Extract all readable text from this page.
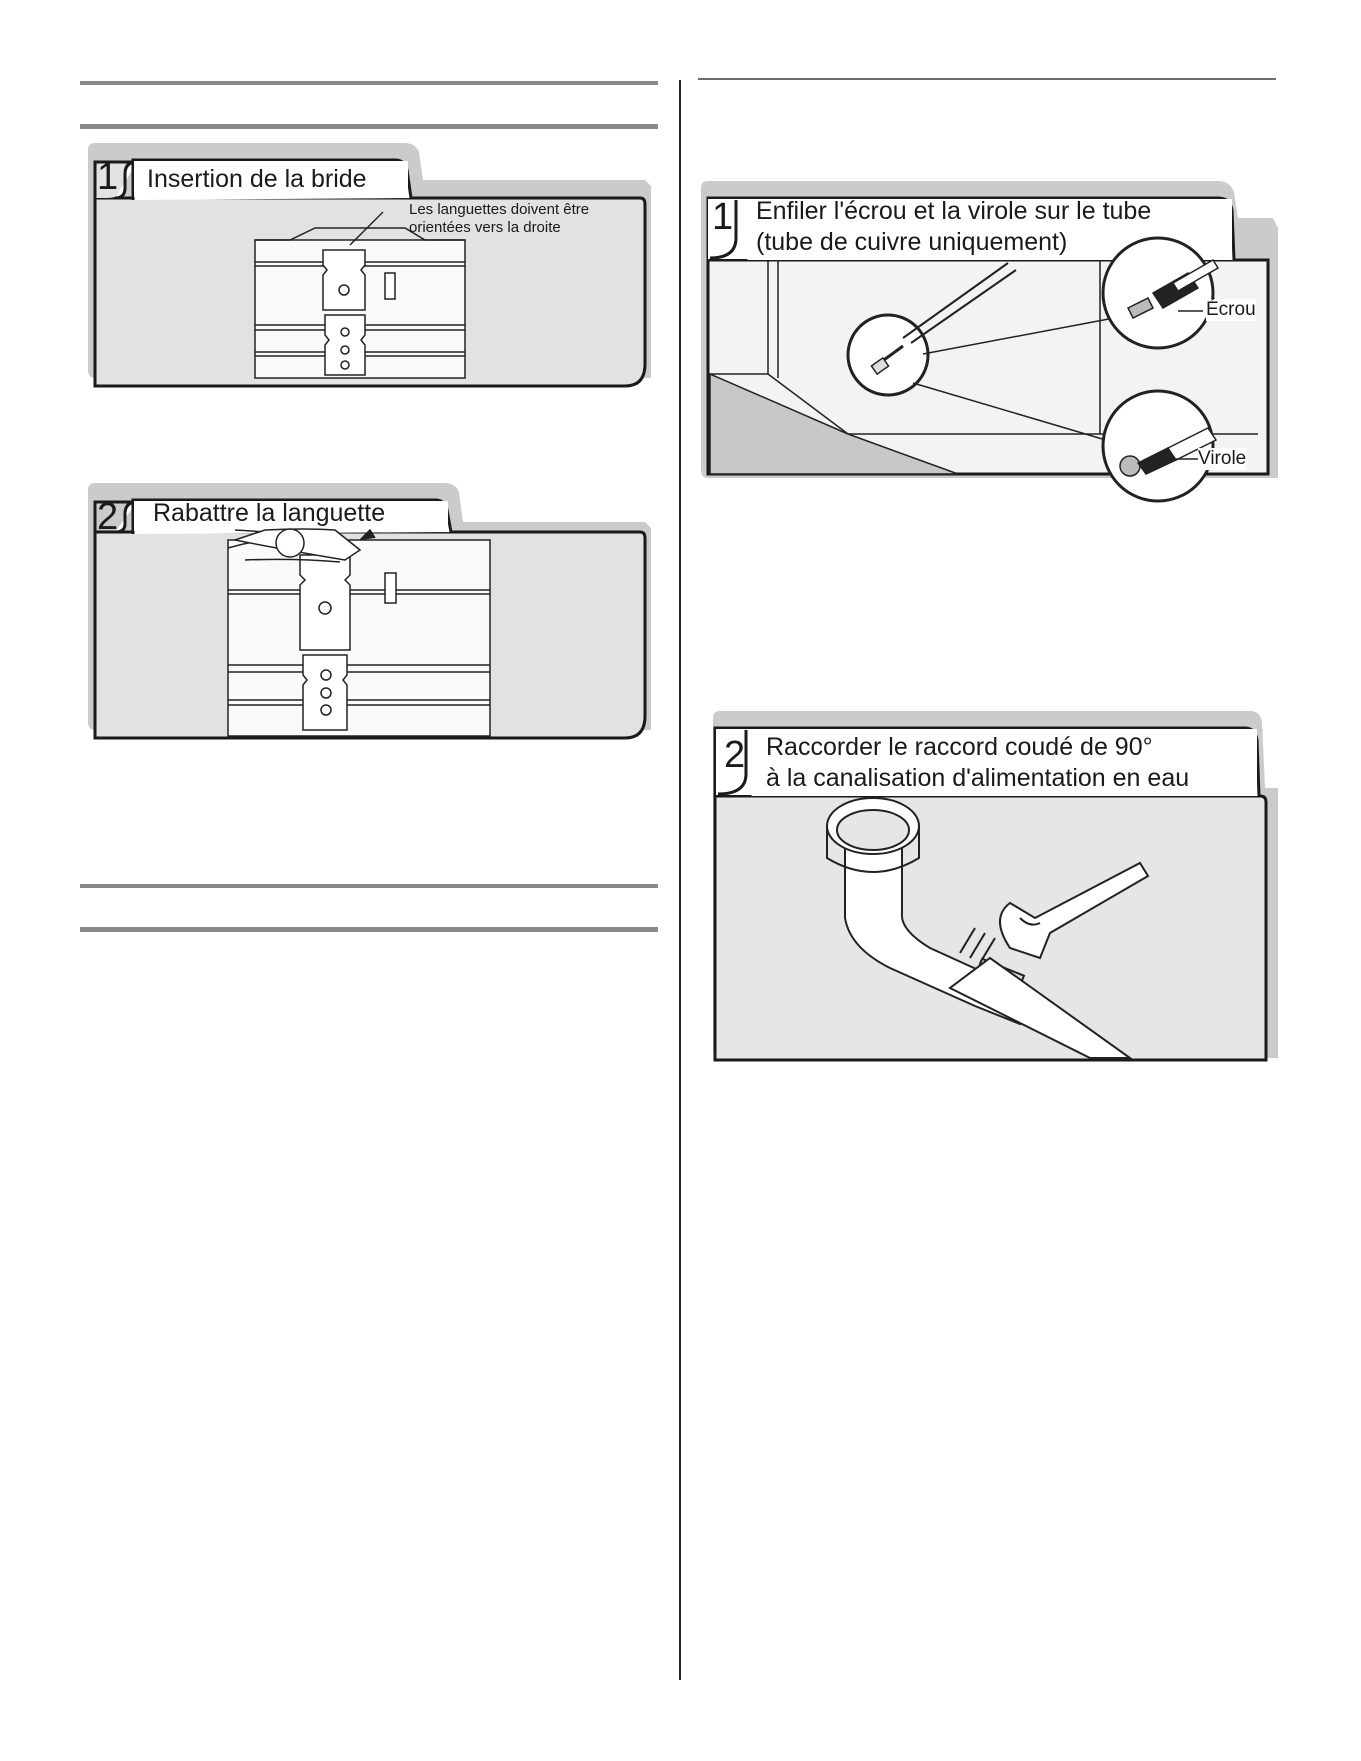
1 Insertion de la bride
Les languettes doivent être
orientées vers la droite
2 Rabattre la languette
1 Enfiler l'écrou et la virole sur le tube
(tube de cuivre uniquement)
Écrou
Virole
2 Raccorder le raccord coudé de 90°
à la canalisation d'alimentation en eau
